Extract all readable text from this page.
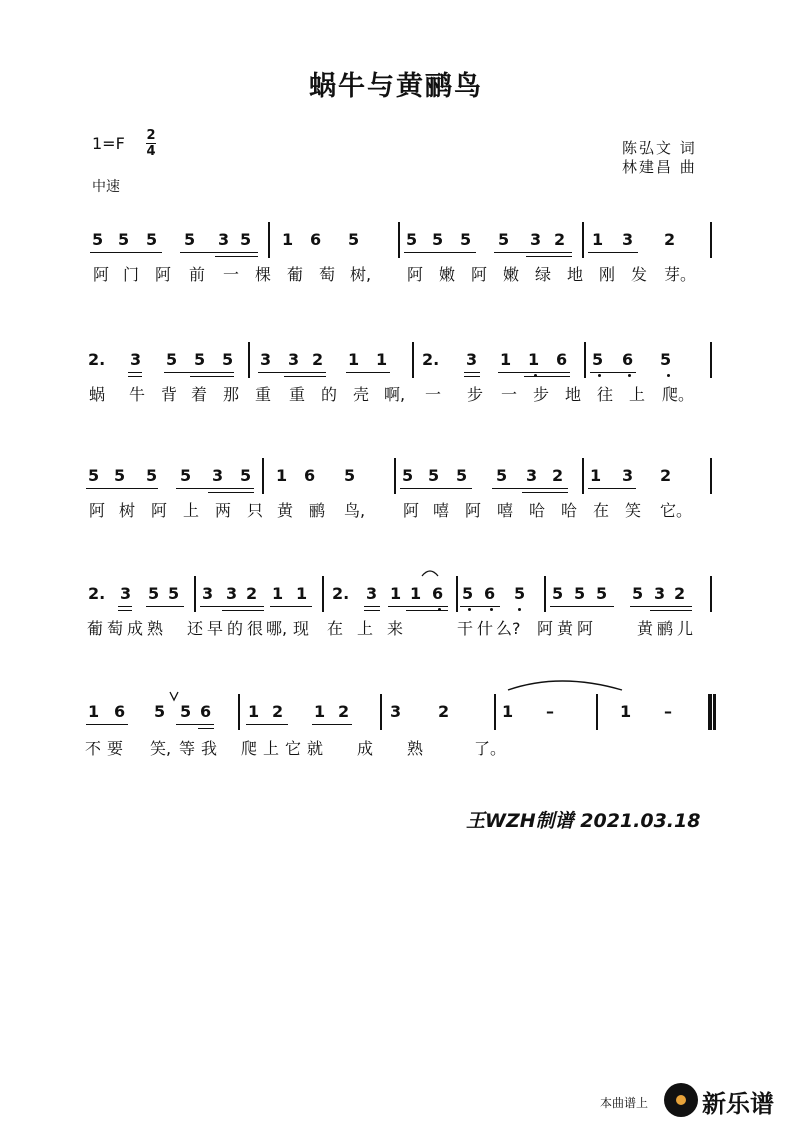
蜗牛与黄鹂鸟
1=F 2
4
中速
陈弘文 词
林建昌 曲
5 5 5 5 3 5 1 6 5	5 5 5 5 3 2 1 3 2
阿 门 阿 前 一 棵 葡 萄 树, 阿 嫩 阿 嫩 绿 地 刚 发 芽。
2. 3 5 5 5 3 3 2 1 1 2. 3 1 1 6 5 6 5
蜗 牛 背 着 那 重 重 的 壳 啊, 一 步 一 步 地 往 上 爬。
5 5 5 5 3 5 1 6 5	5 5 5 5 3 2 1 3 2
阿 树 阿 上 两 只 黄 鹂 鸟, 阿 嘻 阿 嘻 哈 哈 在 笑 它。
2. 3 5 5 3 3 2 1 1 2. 3 1 1 6 5 6 5 5 5 5 5 3 2
葡 萄 成 熟 还 早 的 很 哪, 现 在 上 来	干 什 么? 阿 黄 阿	黄 鹂 儿
1 6 5 5 6 1 2 1 2	3 2	1 –	1 –
不 要 笑, 等 我 爬 上 它 就 成 熟	了。
王WZH制谱 2021.03.18
本曲谱上 新乐谱
